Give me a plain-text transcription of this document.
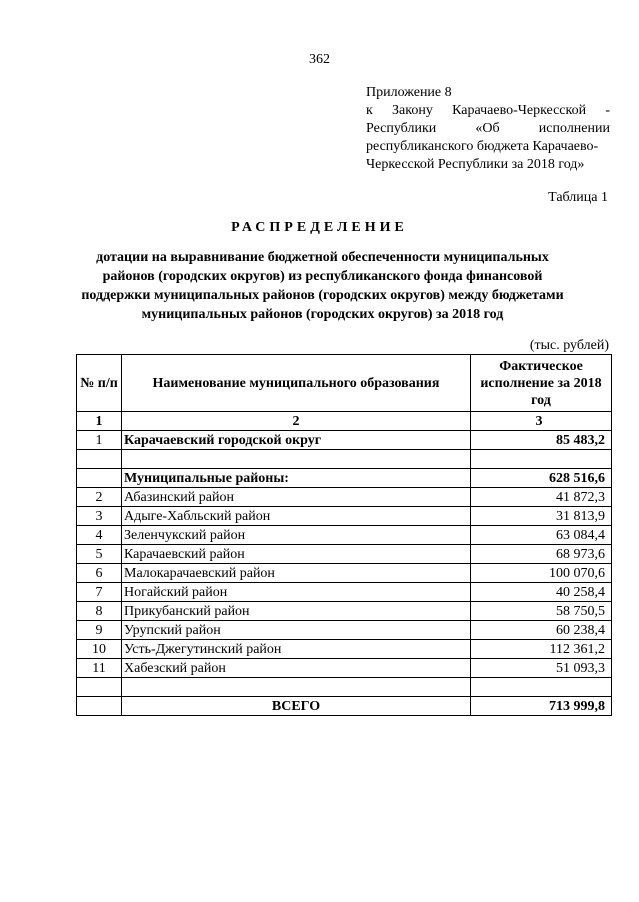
362
Приложение 8
к Закону Карачаево-Черкесской -
Республики «Об исполнении
республиканского бюджета Карачаево-
Черкесской Республики за 2018 год»
Таблица 1
РАСПРЕДЕЛЕНИЕ
дотации на выравнивание бюджетной обеспеченности муниципальных
районов (городских округов) из республиканского фонда финансовой
поддержки муниципальных районов (городских округов) между бюджетами
муниципальных районов (городских округов) за 2018 год
(тыс. рублей)
№ п/п	Наименование муниципального образования	Фактическое исполнение за 2018 год
1	2	3
1	Карачаевский городской округ	85 483,2

	Муниципальные районы:	628 516,6
2	Абазинский район	41 872,3
3	Адыге-Хабльский район	31 813,9
4	Зеленчукский район	63 084,4
5	Карачаевский район	68 973,6
6	Малокарачаевский район	100 070,6
7	Ногайский район	40 258,4
8	Прикубанский район	58 750,5
9	Урупский район	60 238,4
10	Усть-Джегутинский район	112 361,2
11	Хабезский район	51 093,3

	ВСЕГО	713 999,8
